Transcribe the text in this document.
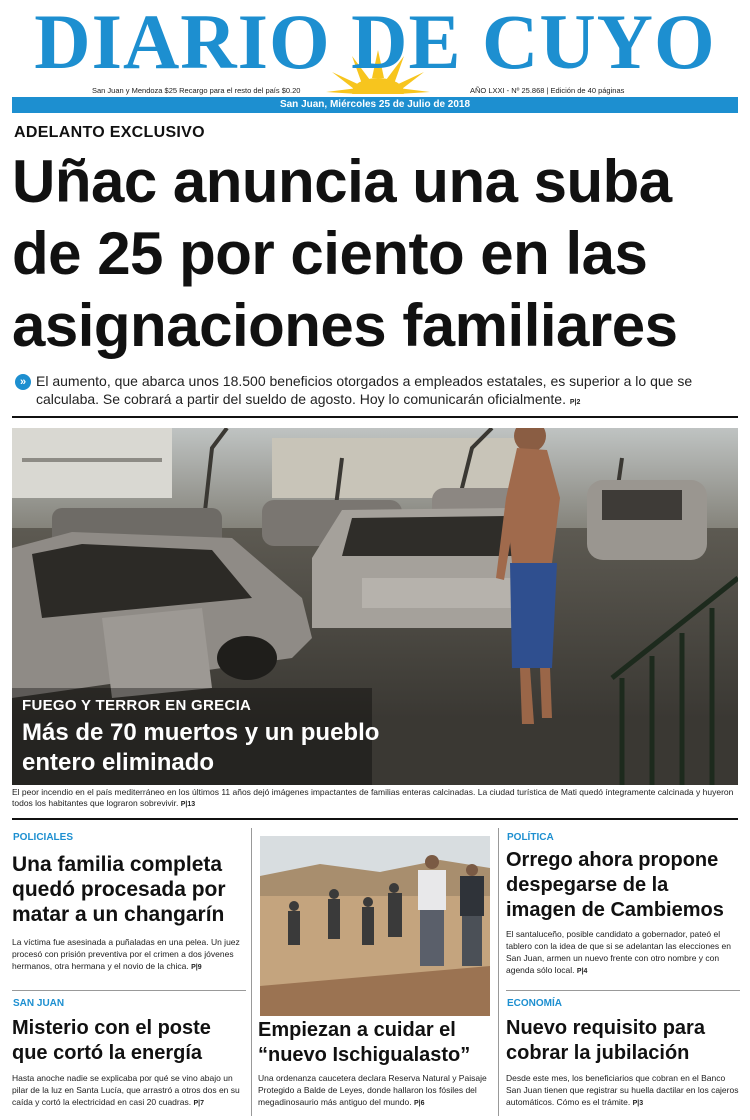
DIARIO DE CUYO
San Juan y Mendoza $25 Recargo para el resto del país $0.20	AÑO LXXI - Nº 25.868 | Edición de 40 páginas
San Juan, Miércoles 25 de Julio de 2018
ADELANTO EXCLUSIVO
Uñac anuncia una suba de 25 por ciento en las asignaciones familiares
» El aumento, que abarca unos 18.500 beneficios otorgados a empleados estatales, es superior a lo que se calculaba. Se cobrará a partir del sueldo de agosto. Hoy lo comunicarán oficialmente. P|2
FUEGO Y TERROR EN GRECIA
Más de 70 muertos y un pueblo entero eliminado
El peor incendio en el país mediterráneo en los últimos 11 años dejó imágenes impactantes de familias enteras calcinadas. La ciudad turística de Mati quedó íntegramente calcinada y huyeron todos los habitantes que lograron sobrevivir. P|13
POLICIALES
Una familia completa quedó procesada por matar a un changarín
La víctima fue asesinada a puñaladas en una pelea. Un juez procesó con prisión preventiva por el crimen a dos jóvenes hermanos, otra hermana y el novio de la chica. P|9
SAN JUAN
Misterio con el poste que cortó la energía
Hasta anoche nadie se explicaba por qué se vino abajo un pilar de la luz en Santa Lucía, que arrastró a otros dos en su caída y cortó la electricidad en casi 20 cuadras. P|7
Empiezan a cuidar el “nuevo Ischigualasto”
Una ordenanza caucetera declara Reserva Natural y Paisaje Protegido a Balde de Leyes, donde hallaron los fósiles del megadinosaurio más antiguo del mundo. P|6
POLÍTICA
Orrego ahora propone despegarse de la imagen de Cambiemos
El santaluceño, posible candidato a gobernador, pateó el tablero con la idea de que si se adelantan las elecciones en San Juan, armen un nuevo frente con otro nombre y con agenda sólo local. P|4
ECONOMÍA
Nuevo requisito para cobrar la jubilación
Desde este mes, los beneficiarios que cobran en el Banco San Juan tienen que registrar su huella dactilar en los cajeros automáticos. Cómo es el trámite. P|3
